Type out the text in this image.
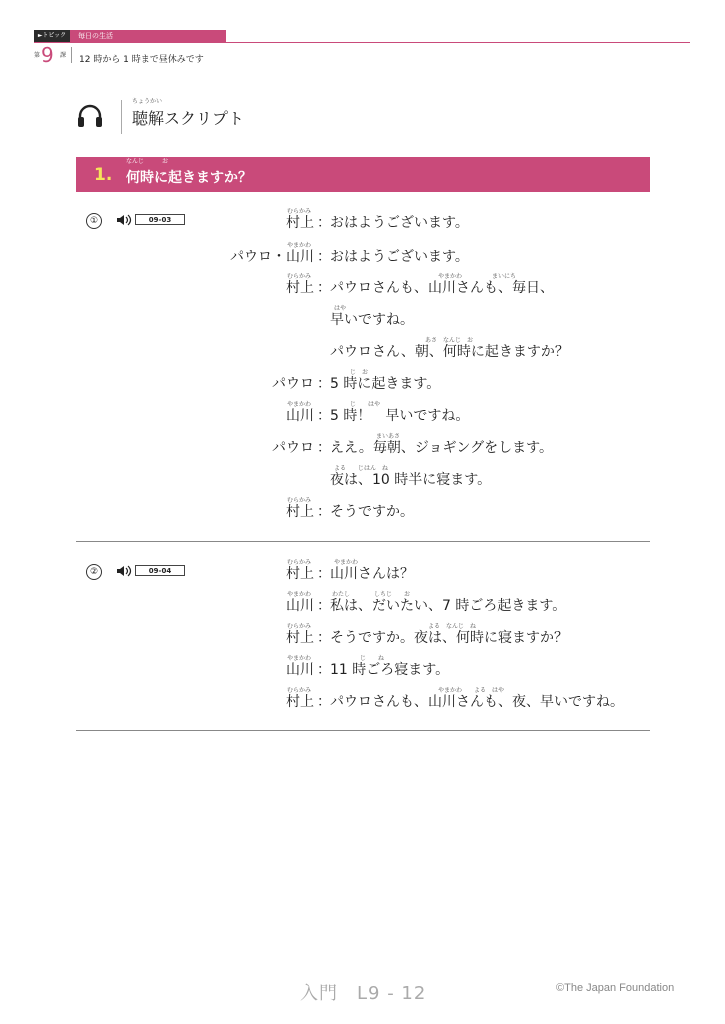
►トピック	毎日の生活
第 9 課 12 時から 1 時まで昼休みです
ちょうかい
聴解スクリプト
1.
なんじ　　　お
何時に起きますか？
①	09-03
むらかみ
村上 ： おはようございます。
やまかわ
パウロ・山川 ： おはようございます。
むらかみ
村上 ：
やまかわ　　　　　まいにち
パウロさんも、山川さんも、毎日、
はや
早いですね。
あさ　なんじ　お
パウロさん、朝、何時に起きますか？
パウロ ：
じ　お
5 時に起きます。
やまかわ
山川 ：
じ　　はや
5 時！　早いですね。
パウロ ：
まいあさ
ええ。毎朝、ジョギングをします。
よる　　じはん　ね
夜は、10 時半に寝ます。
むらかみ
村上 ： そうですか。
②	09-04
むらかみ
村上 ：
やまかわ
山川さんは？
やまかわ
山川 ：
わたし　　　　しちじ　　お
私は、だいたい、7 時ごろ起きます。
むらかみ
村上 ：
よる　なんじ　ね
そうですか。夜は、何時に寝ますか？
やまかわ
山川 ：
じ　　ね
11 時ごろ寝ます。
むらかみ
村上 ：
やまかわ　　よる　はや
パウロさんも、山川さんも、夜、早いですね。
入門　L9 - 12	©The Japan Foundation
